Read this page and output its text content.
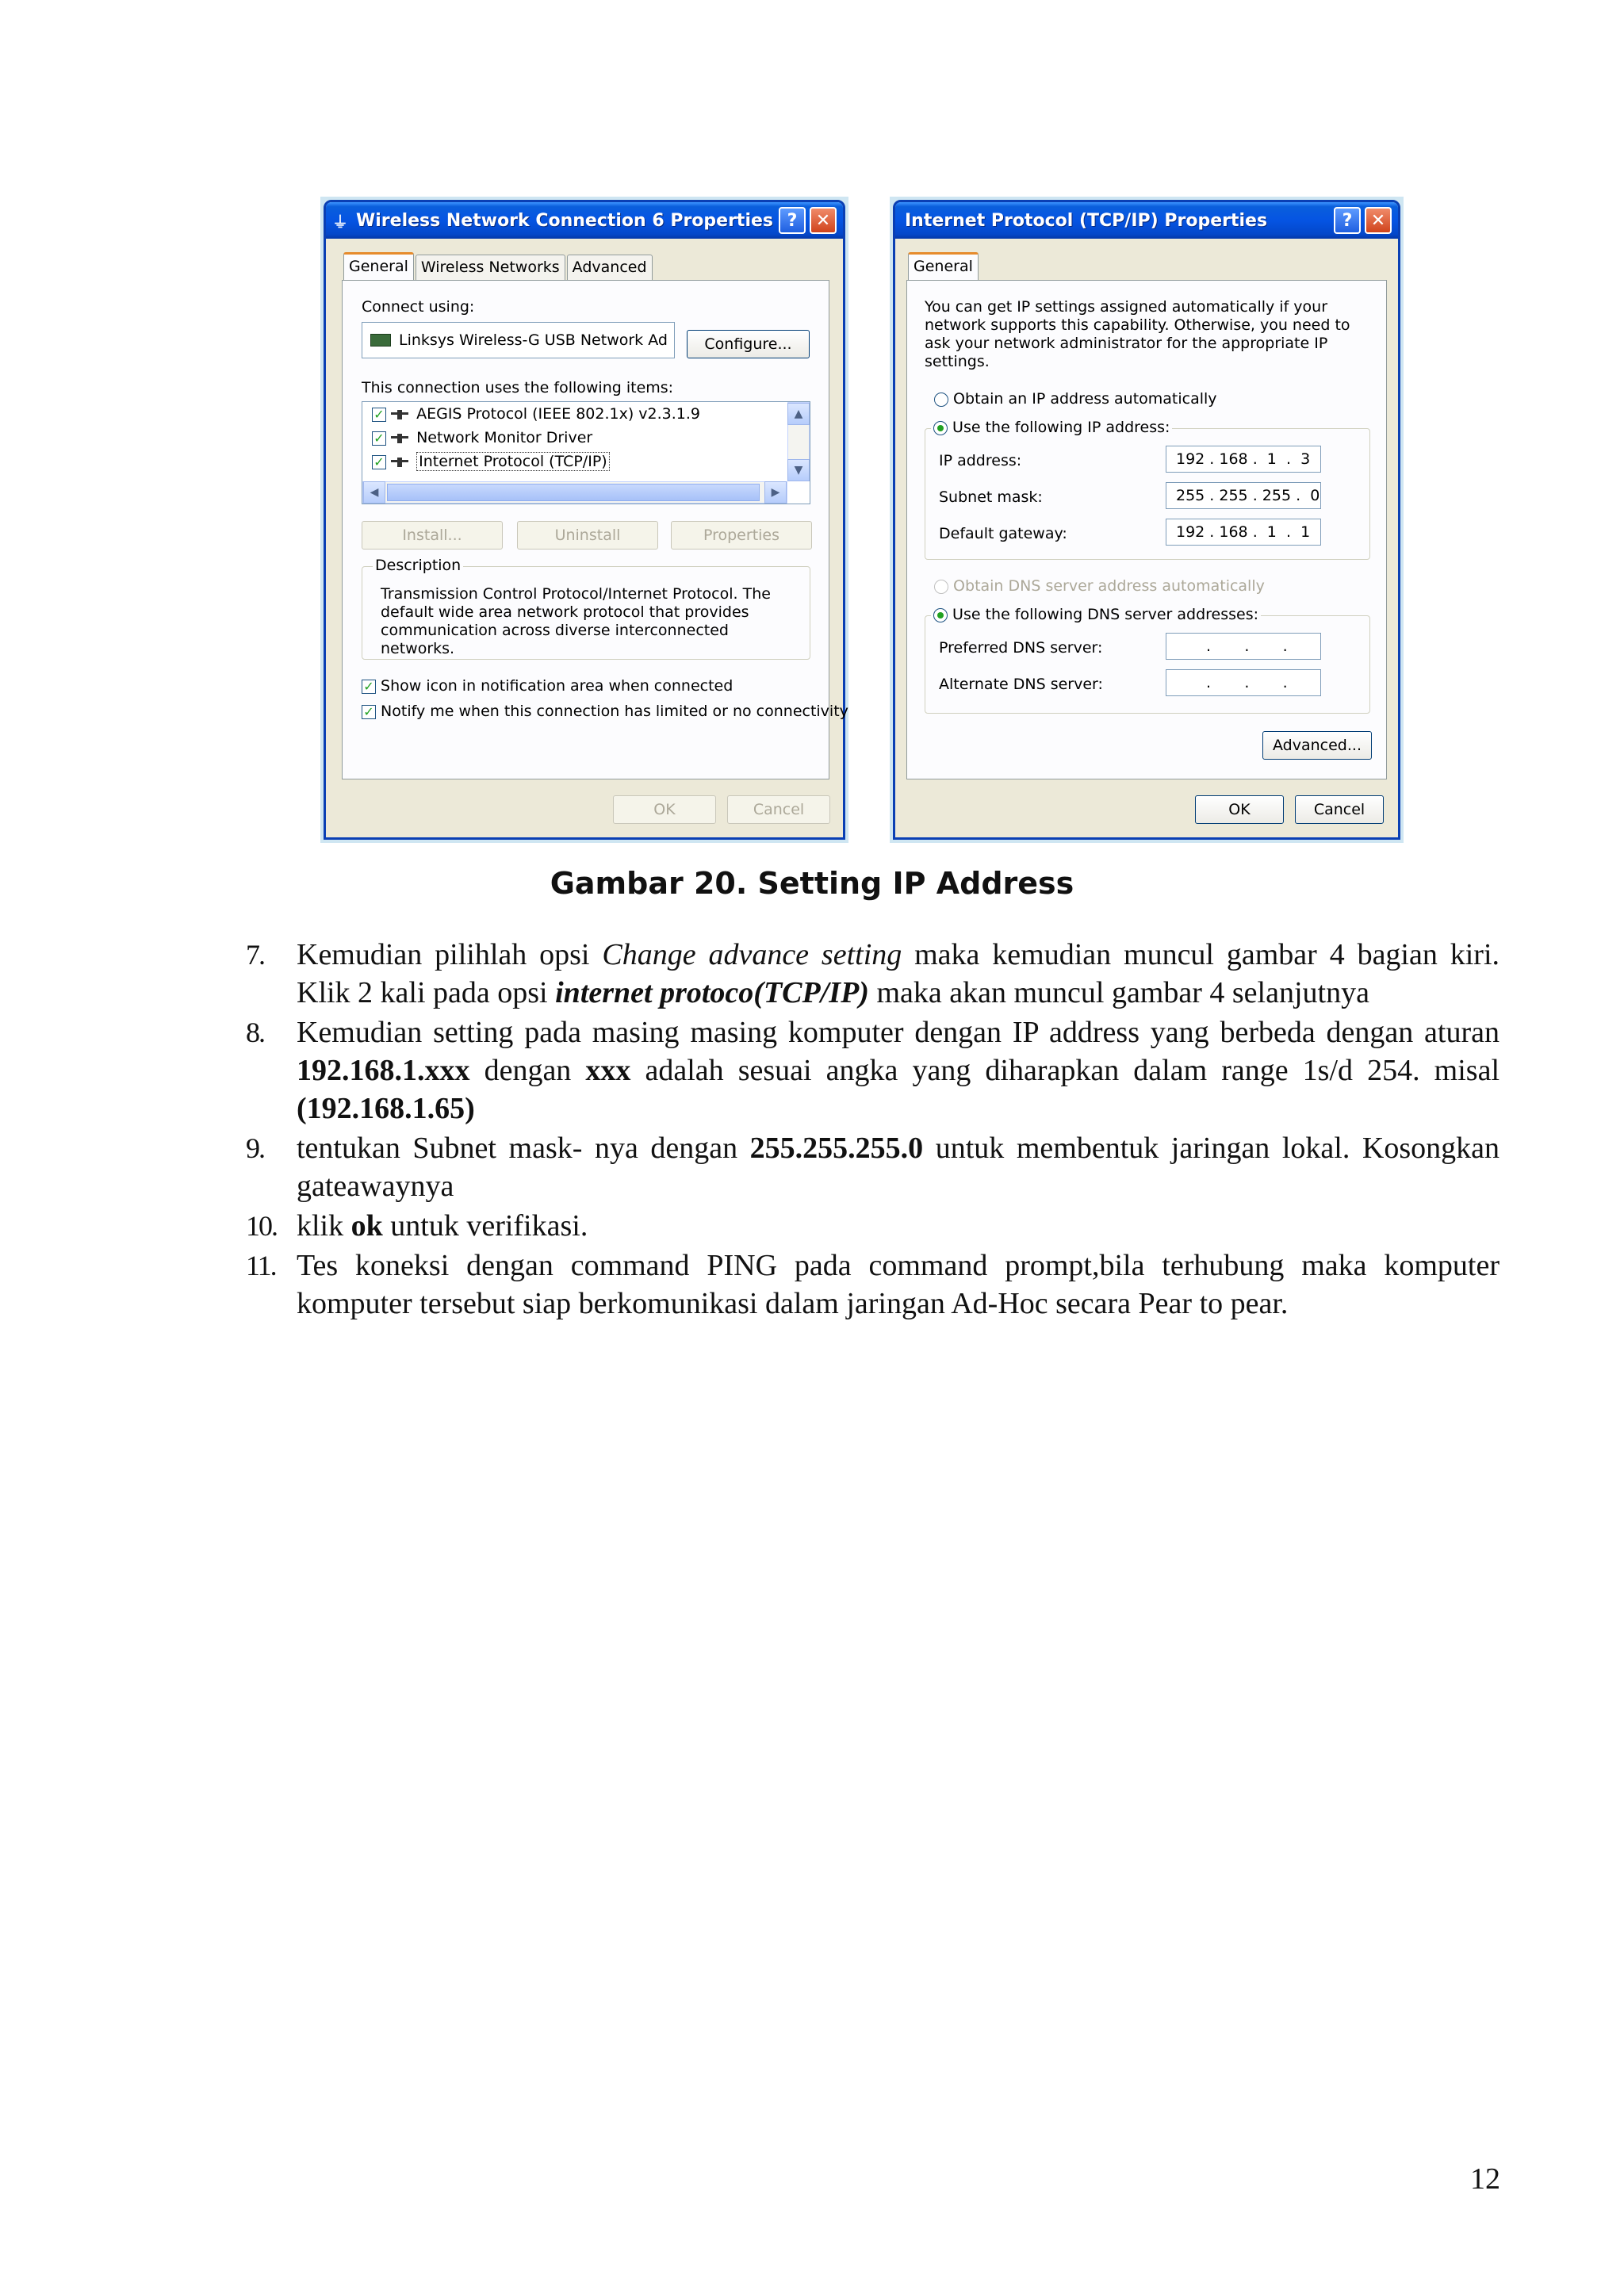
⏚ Wireless Network Connection 6 Properties ?	✕
General Wireless Networks Advanced
Connect using:
Linksys Wireless-G USB Network Ad	Configure...
This connection uses the following items:
✓ AEGIS Protocol (IEEE 802.1x) v2.3.1.9
✓ Network Monitor Driver
✓ Internet Protocol (TCP/IP)
▲
▼
◀	▶
Install...	Uninstall	Properties
Description
Transmission Control Protocol/Internet Protocol. The default wide area network protocol that provides communication across diverse interconnected networks.
✓ Show icon in notification area when connected
✓ Notify me when this connection has limited or no connectivity
OK	Cancel
Internet Protocol (TCP/IP) Properties	?	✕
General
You can get IP settings assigned automatically if your network supports this capability. Otherwise, you need to ask your network administrator for the appropriate IP settings.
Obtain an IP address automatically
Use the following IP address:
IP address:	192 . 168 .  1  .  3
Subnet mask:	255 . 255 . 255 .  0
Default gateway:	192 . 168 .  1  .  1
Obtain DNS server address automatically
Use the following DNS server addresses:
Preferred DNS server:	.       .       .
Alternate DNS server:	.       .       .
Advanced...
OK	Cancel
Gambar 20. Setting IP Address
7. Kemudian pilihlah opsi Change advance setting maka kemudian muncul gambar 4 bagian kiri. Klik 2 kali pada opsi internet protoco(TCP/IP) maka akan muncul gambar 4 selanjutnya
8. Kemudian setting pada masing masing komputer dengan IP address yang berbeda dengan aturan 192.168.1.xxx dengan xxx adalah sesuai angka yang diharapkan dalam range 1s/d 254. misal (192.168.1.65)
9. tentukan Subnet mask- nya dengan 255.255.255.0 untuk membentuk jaringan lokal. Kosongkan gateawaynya
10. klik ok untuk verifikasi.
11. Tes koneksi dengan command PING pada command prompt,bila terhubung maka komputer komputer tersebut siap berkomunikasi dalam jaringan Ad-Hoc secara Pear to pear.
12
